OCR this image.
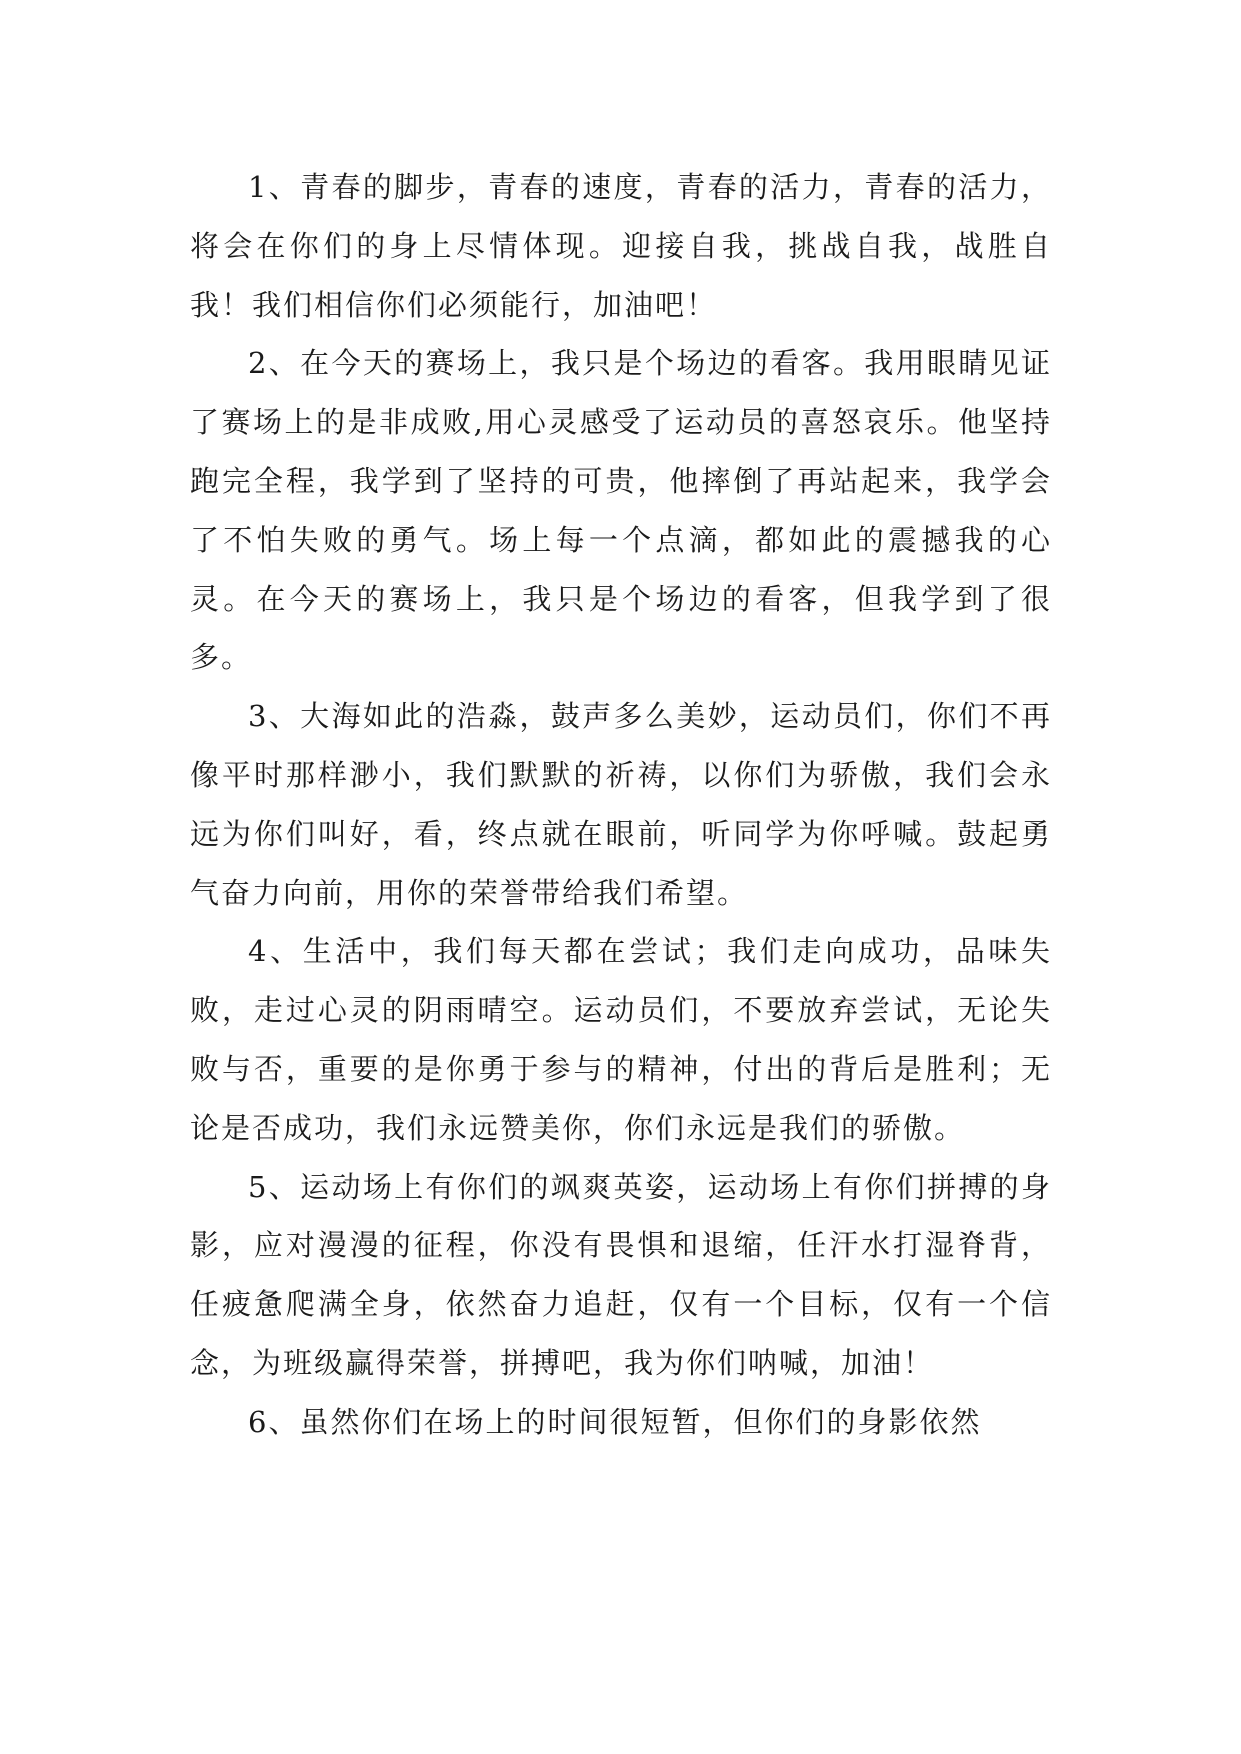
1、青春的脚步，青春的速度，青春的活力，青春的活力，将会在你们的身上尽情体现。迎接自我，挑战自我，战胜自我！我们相信你们必须能行，加油吧！

2、在今天的赛场上，我只是个场边的看客。我用眼睛见证了赛场上的是非成败,用心灵感受了运动员的喜怒哀乐。他坚持跑完全程，我学到了坚持的可贵，他摔倒了再站起来，我学会了不怕失败的勇气。场上每一个点滴，都如此的震撼我的心灵。在今天的赛场上，我只是个场边的看客，但我学到了很多。

3、大海如此的浩淼，鼓声多么美妙，运动员们，你们不再像平时那样渺小，我们默默的祈祷，以你们为骄傲，我们会永远为你们叫好，看，终点就在眼前，听同学为你呼喊。鼓起勇气奋力向前，用你的荣誉带给我们希望。

4、生活中，我们每天都在尝试；我们走向成功，品味失败，走过心灵的阴雨晴空。运动员们，不要放弃尝试，无论失败与否，重要的是你勇于参与的精神，付出的背后是胜利；无论是否成功，我们永远赞美你，你们永远是我们的骄傲。

5、运动场上有你们的飒爽英姿，运动场上有你们拼搏的身影，应对漫漫的征程，你没有畏惧和退缩，任汗水打湿脊背，任疲惫爬满全身，依然奋力追赶，仅有一个目标，仅有一个信念，为班级赢得荣誉，拼搏吧，我为你们呐喊，加油！

6、虽然你们在场上的时间很短暂，但你们的身影依然
